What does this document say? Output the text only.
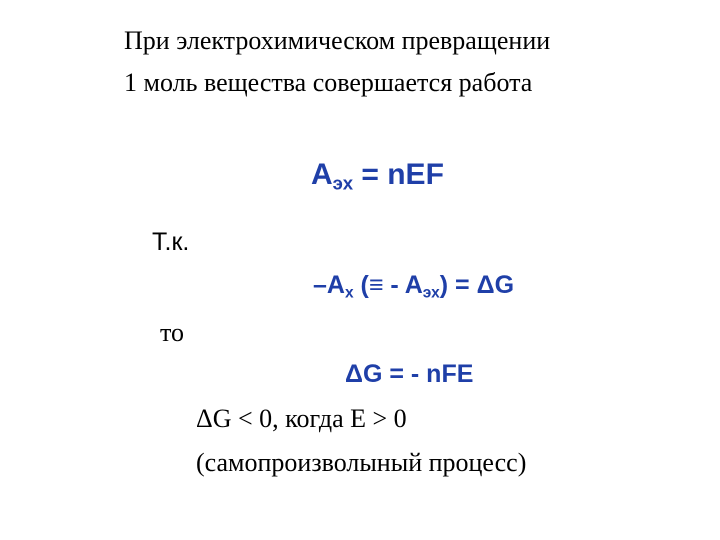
При электрохимическом превращении
1 моль вещества совершается работа
$A_{эх}$ = nEF
Т.к.
$-A_x$ (≡ - $A_{эх}) = \Delta G$
то
ΔG = - nFE
ΔG < 0, когда E > 0
(самопроизволыный процесс)
